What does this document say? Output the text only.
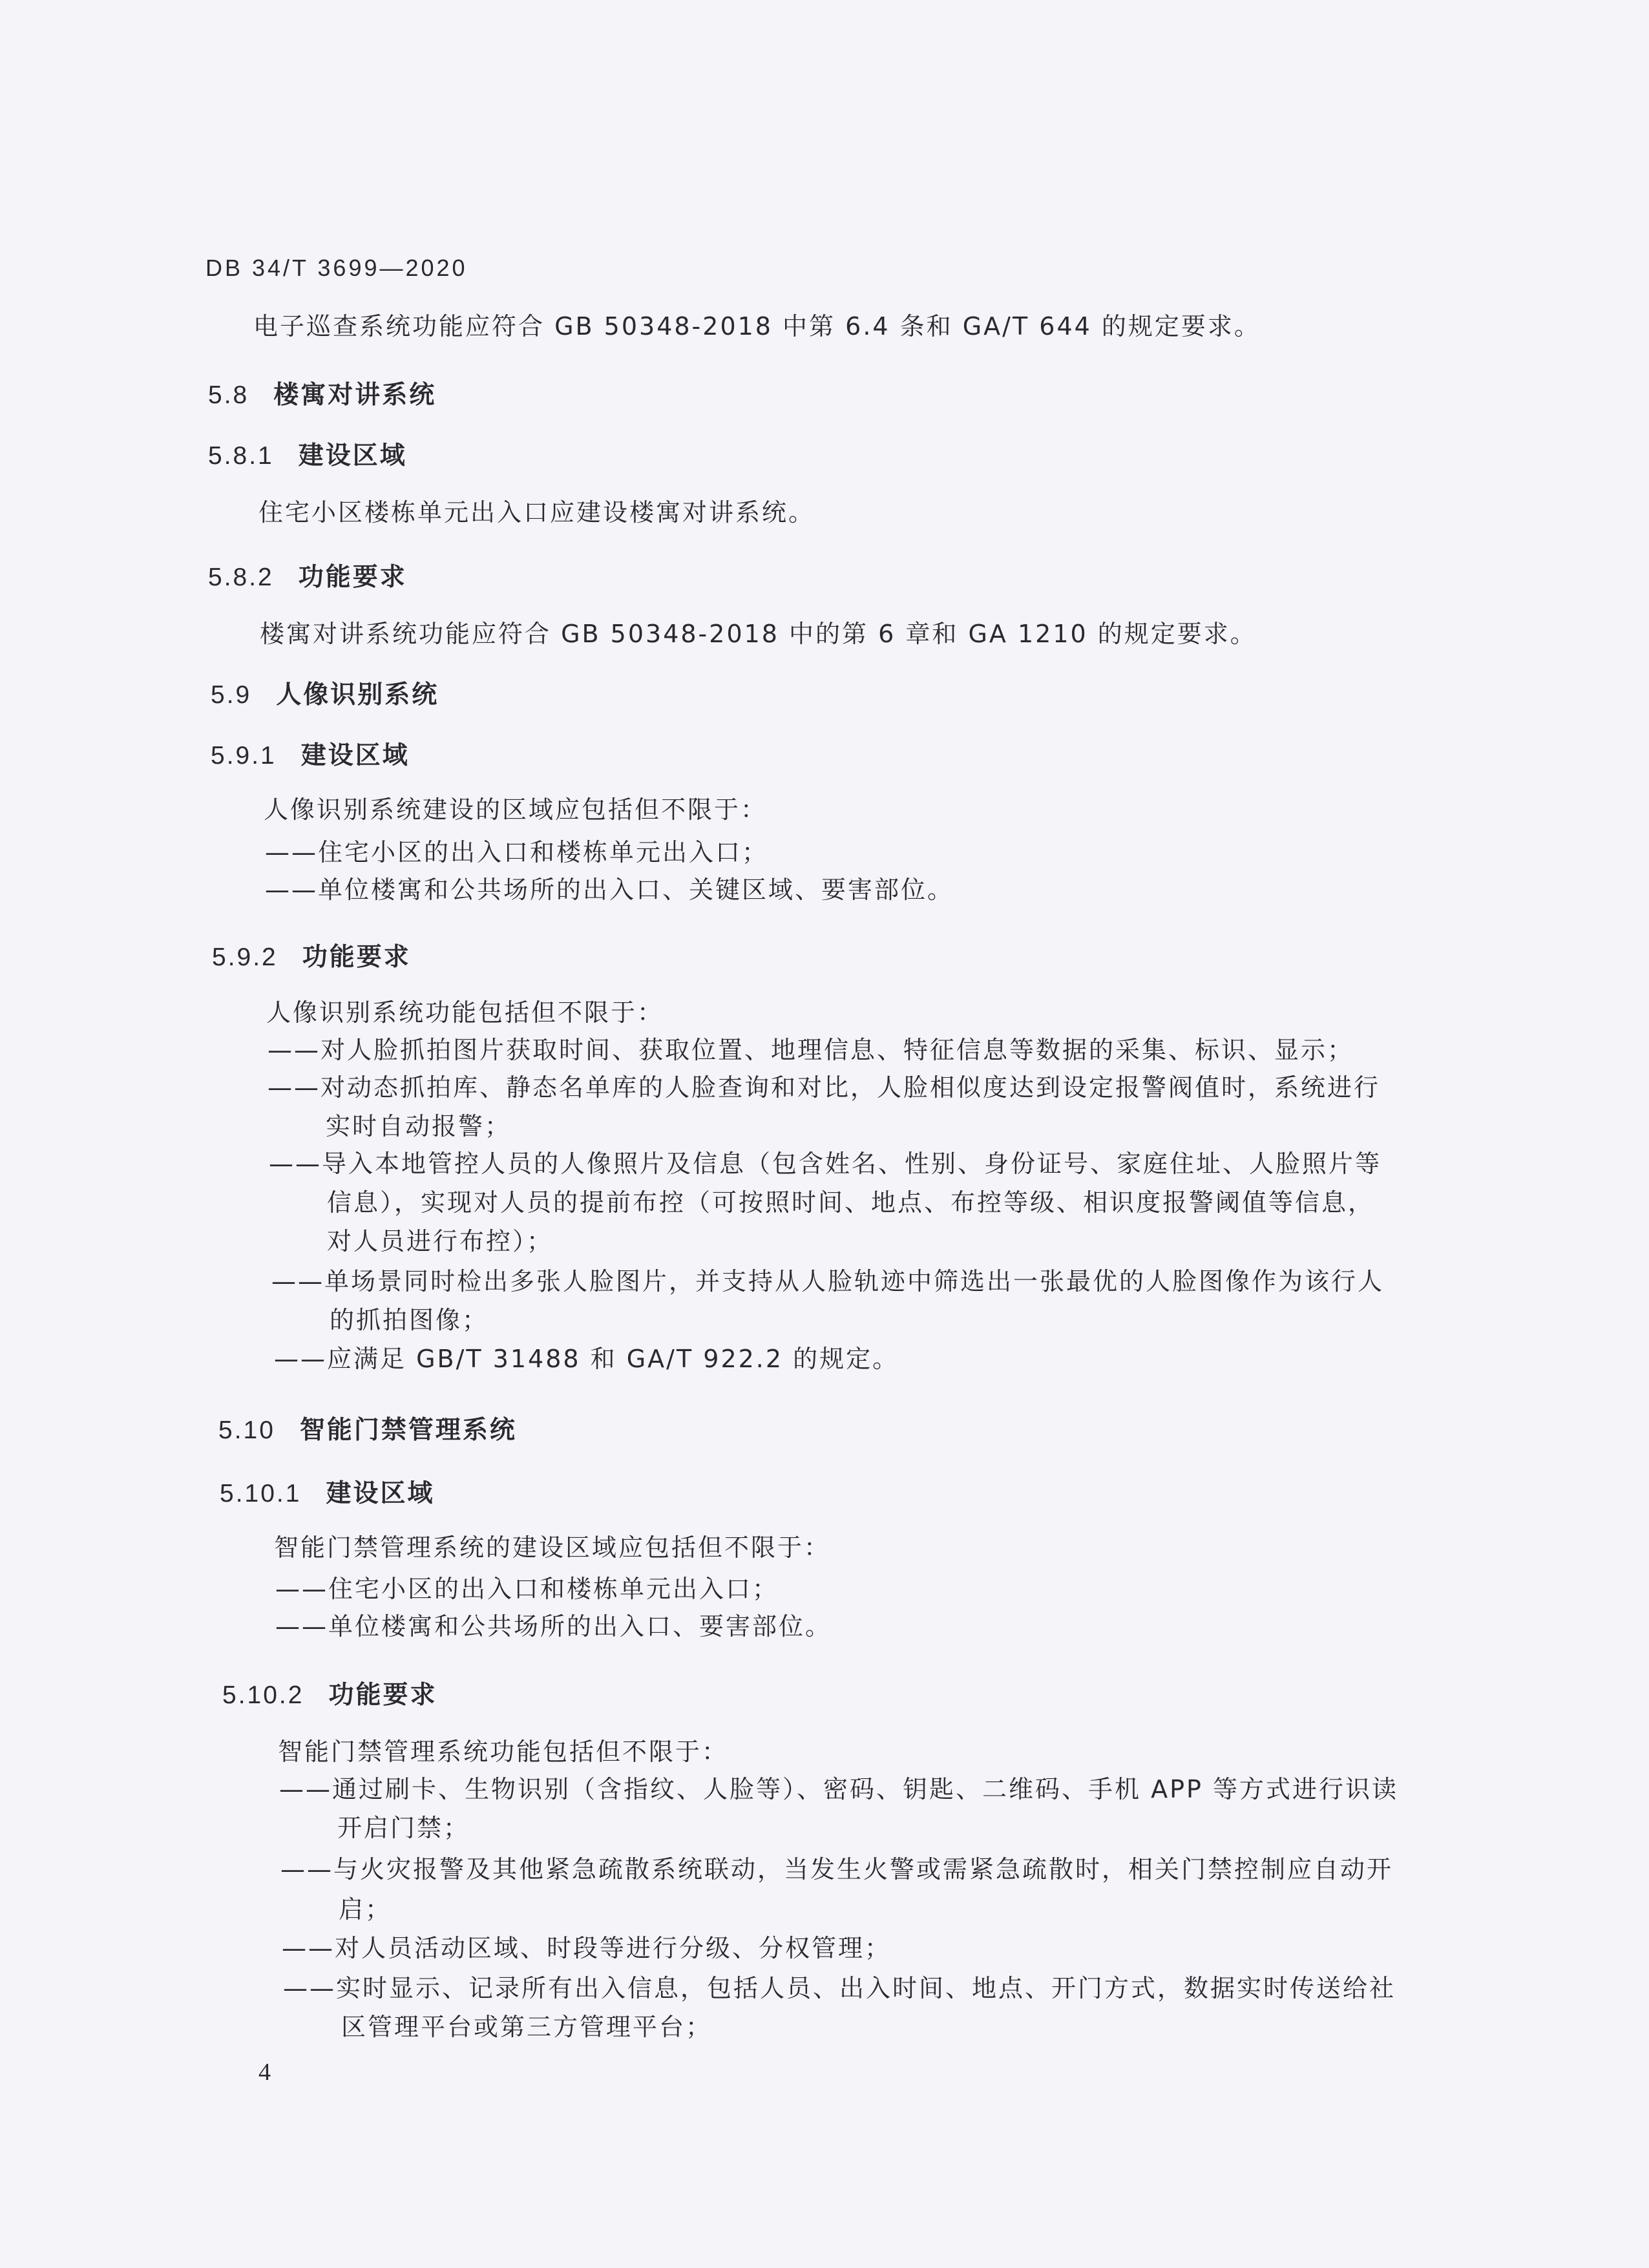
DB 34/T 3699—2020
电子巡查系统功能应符合 GB 50348-2018 中第 6.4 条和 GA/T 644 的规定要求。
5.8 楼寓对讲系统
5.8.1 建设区域
住宅小区楼栋单元出入口应建设楼寓对讲系统。
5.8.2 功能要求
楼寓对讲系统功能应符合 GB 50348-2018 中的第 6 章和 GA 1210 的规定要求。
5.9 人像识别系统
5.9.1 建设区域
人像识别系统建设的区域应包括但不限于：
——住宅小区的出入口和楼栋单元出入口；
——单位楼寓和公共场所的出入口、关键区域、要害部位。
5.9.2 功能要求
人像识别系统功能包括但不限于：
——对人脸抓拍图片获取时间、获取位置、地理信息、特征信息等数据的采集、标识、显示；
——对动态抓拍库、静态名单库的人脸查询和对比，人脸相似度达到设定报警阀值时，系统进行
实时自动报警；
——导入本地管控人员的人像照片及信息（包含姓名、性别、身份证号、家庭住址、人脸照片等
信息），实现对人员的提前布控（可按照时间、地点、布控等级、相识度报警阈值等信息，
对人员进行布控）；
——单场景同时检出多张人脸图片，并支持从人脸轨迹中筛选出一张最优的人脸图像作为该行人
的抓拍图像；
——应满足 GB/T 31488 和 GA/T 922.2 的规定。
5.10 智能门禁管理系统
5.10.1 建设区域
智能门禁管理系统的建设区域应包括但不限于：
——住宅小区的出入口和楼栋单元出入口；
——单位楼寓和公共场所的出入口、要害部位。
5.10.2 功能要求
智能门禁管理系统功能包括但不限于：
——通过刷卡、生物识别（含指纹、人脸等）、密码、钥匙、二维码、手机 APP 等方式进行识读
开启门禁；
——与火灾报警及其他紧急疏散系统联动，当发生火警或需紧急疏散时，相关门禁控制应自动开
启；
——对人员活动区域、时段等进行分级、分权管理；
——实时显示、记录所有出入信息，包括人员、出入时间、地点、开门方式，数据实时传送给社
区管理平台或第三方管理平台；
4
